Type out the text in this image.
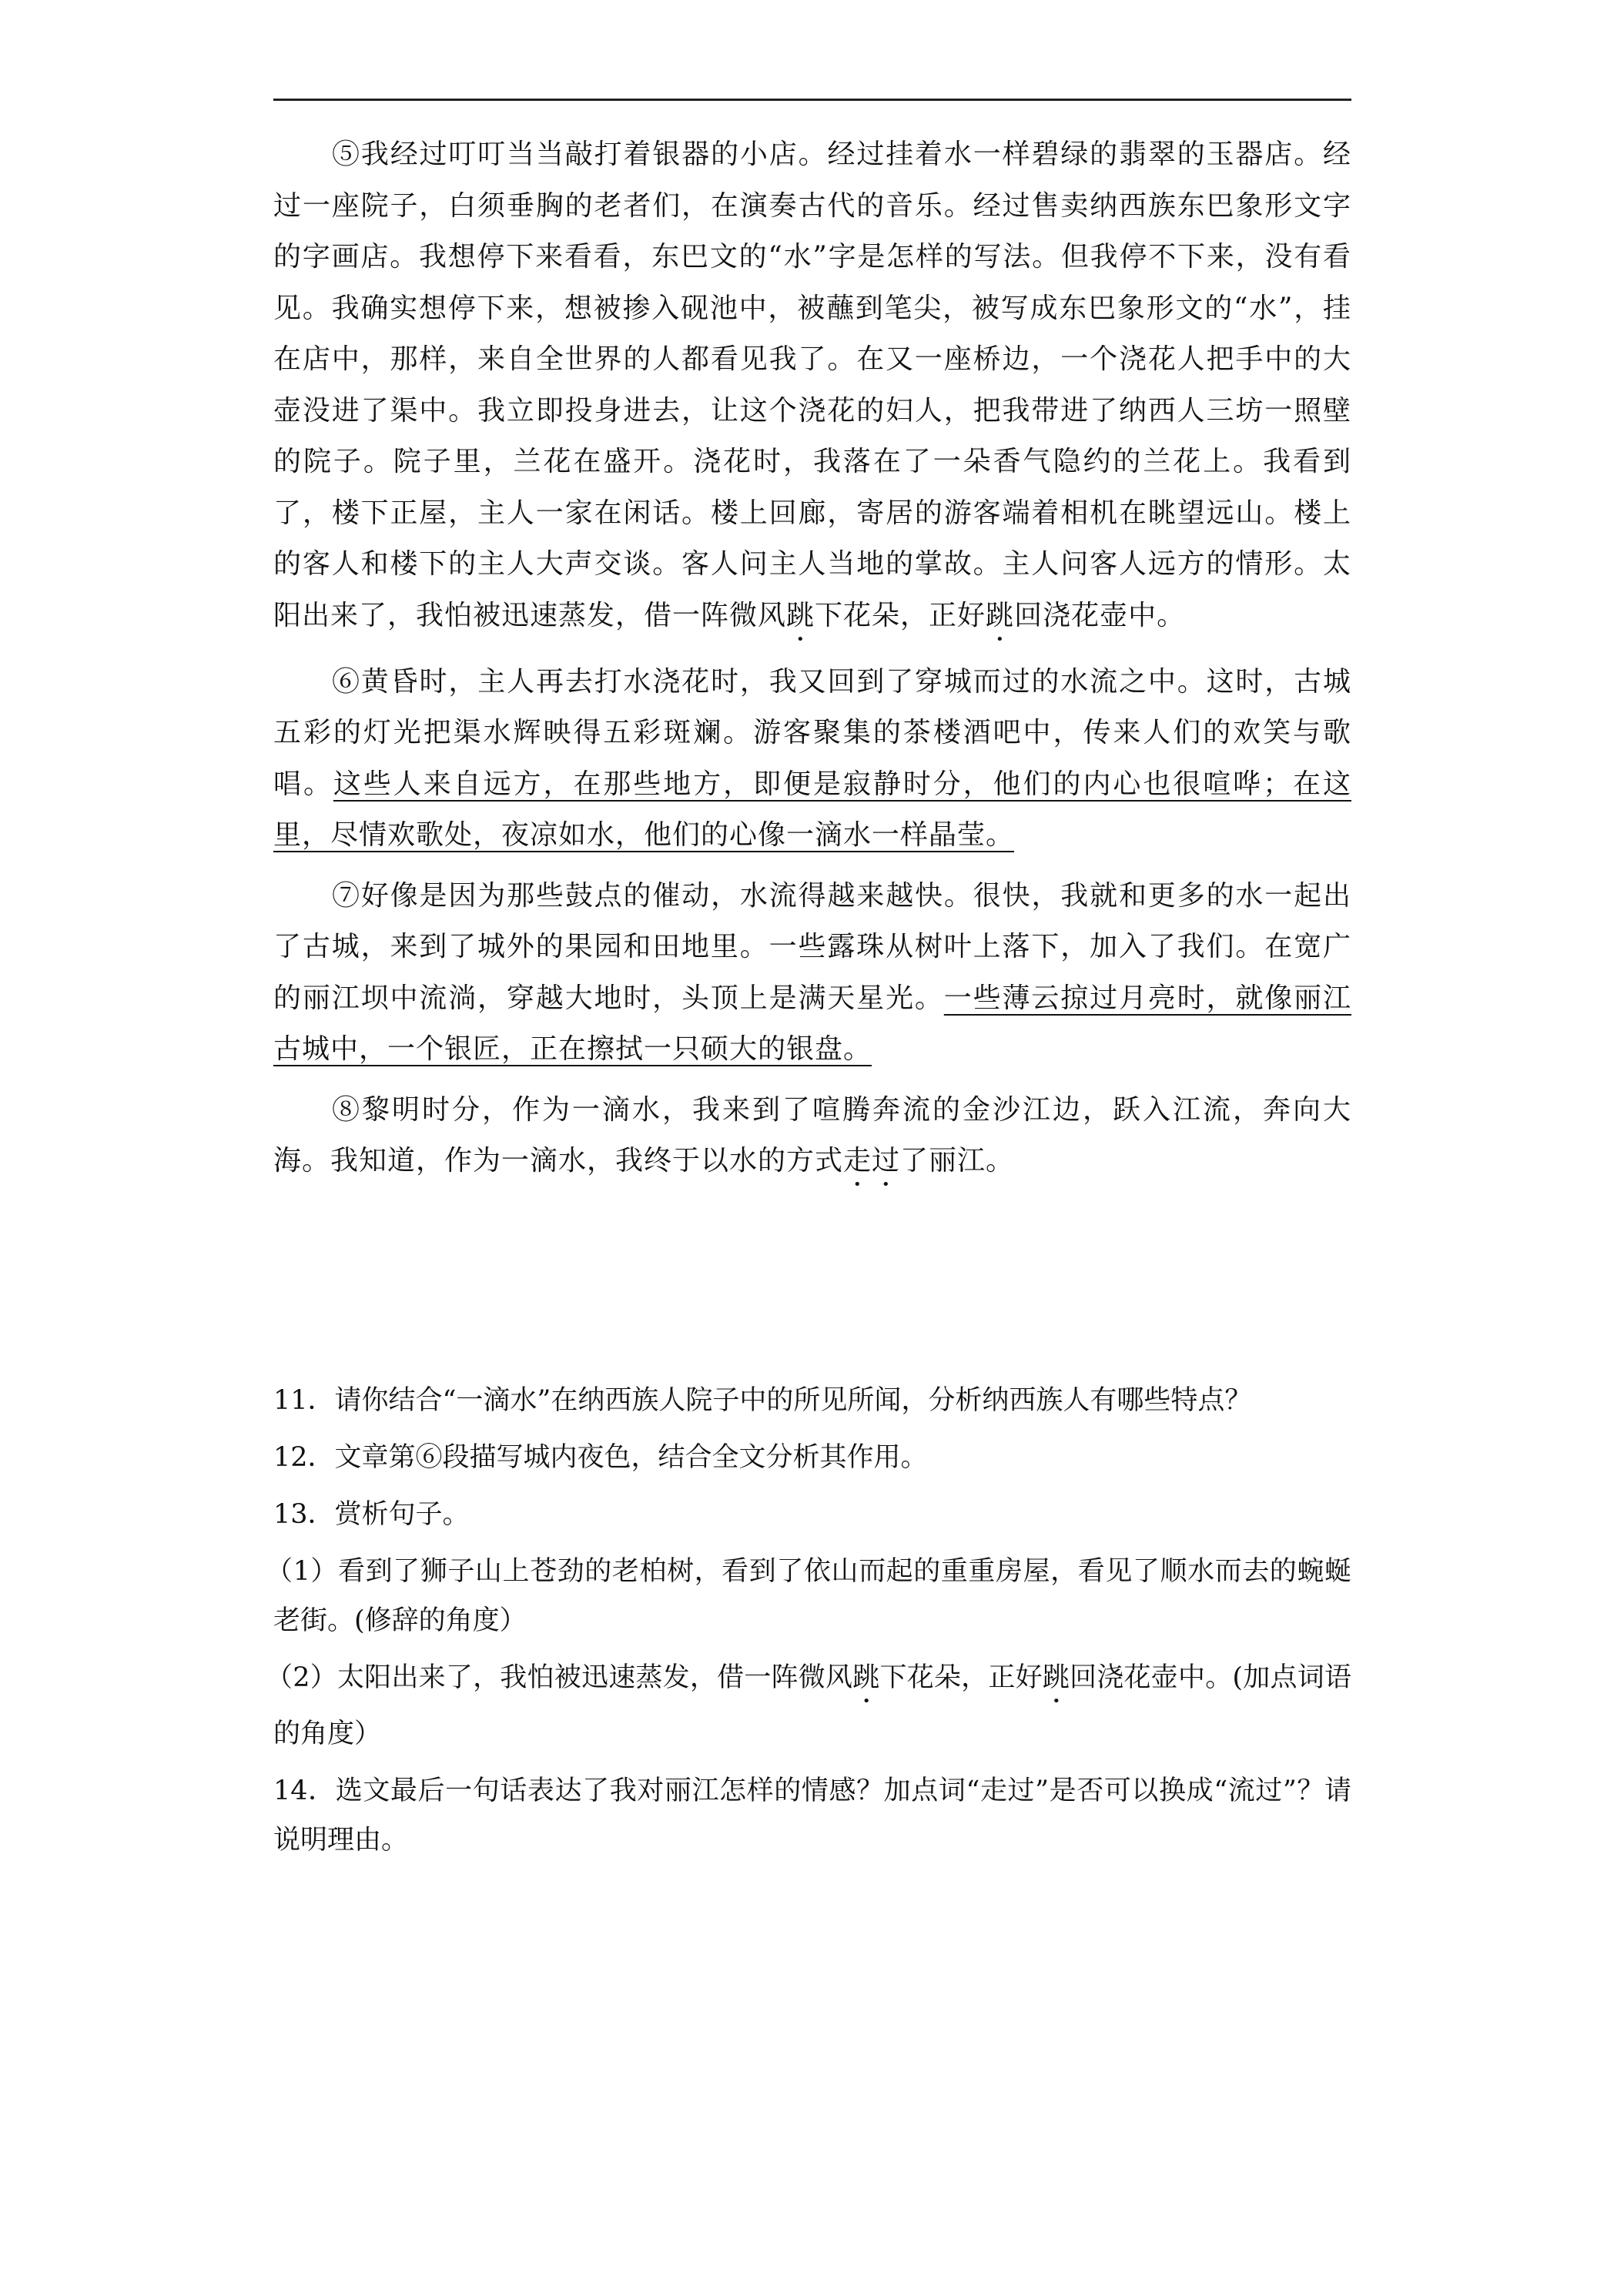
⑤我经过叮叮当当敲打着银器的小店。经过挂着水一样碧绿的翡翠的玉器店。经过一座院子，白须垂胸的老者们，在演奏古代的音乐。经过售卖纳西族东巴象形文字的字画店。我想停下来看看，东巴文的“水”字是怎样的写法。但我停不下来，没有看见。我确实想停下来，想被掺入砚池中，被蘸到笔尖，被写成东巴象形文的“水”，挂在店中，那样，来自全世界的人都看见我了。在又一座桥边，一个浇花人把手中的大壶没进了渠中。我立即投身进去，让这个浇花的妇人，把我带进了纳西人三坊一照壁的院子。院子里，兰花在盛开。浇花时，我落在了一朵香气隐约的兰花上。我看到了，楼下正屋，主人一家在闲话。楼上回廊，寄居的游客端着相机在眺望远山。楼上的客人和楼下的主人大声交谈。客人问主人当地的掌故。主人问客人远方的情形。太阳出来了，我怕被迅速蒸发，借一阵微风跳下花朵，正好跳回浇花壶中。

⑥黄昏时，主人再去打水浇花时，我又回到了穿城而过的水流之中。这时，古城五彩的灯光把渠水辉映得五彩斑斓。游客聚集的茶楼酒吧中，传来人们的欢笑与歌唱。这些人来自远方，在那些地方，即便是寂静时分，他们的内心也很喧哗；在这里，尽情欢歌处，夜凉如水，他们的心像一滴水一样晶莹。

⑦好像是因为那些鼓点的催动，水流得越来越快。很快，我就和更多的水一起出了古城，来到了城外的果园和田地里。一些露珠从树叶上落下，加入了我们。在宽广的丽江坝中流淌，穿越大地时，头顶上是满天星光。一些薄云掠过月亮时，就像丽江古城中，一个银匠，正在擦拭一只硕大的银盘。

⑧黎明时分，作为一滴水，我来到了喧腾奔流的金沙江边，跃入江流，奔向大海。我知道，作为一滴水，我终于以水的方式走过了丽江。

11．请你结合“一滴水”在纳西族人院子中的所见所闻，分析纳西族人有哪些特点？

12．文章第⑥段描写城内夜色，结合全文分析其作用。

13．赏析句子。

（1）看到了狮子山上苍劲的老柏树，看到了依山而起的重重房屋，看见了顺水而去的蜿蜒老街。(修辞的角度）

（2）太阳出来了，我怕被迅速蒸发，借一阵微风跳下花朵，正好跳回浇花壶中。(加点词语的角度）

14．选文最后一句话表达了我对丽江怎样的情感？加点词“走过”是否可以换成“流过”？请说明理由。
